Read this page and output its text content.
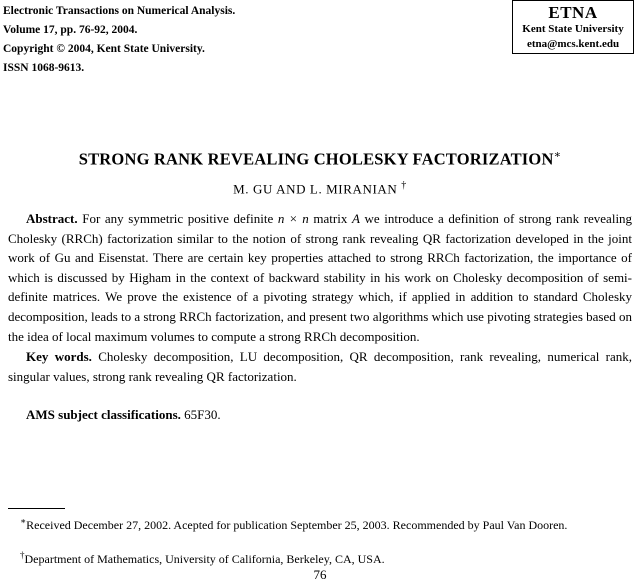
Electronic Transactions on Numerical Analysis.
Volume 17, pp. 76-92, 2004.
Copyright © 2004, Kent State University.
ISSN 1068-9613.
ETNA
Kent State University
etna@mcs.kent.edu
STRONG RANK REVEALING CHOLESKY FACTORIZATION∗
M. GU AND L. MIRANIAN †
Abstract. For any symmetric positive definite n × n matrix A we introduce a definition of strong rank revealing Cholesky (RRCh) factorization similar to the notion of strong rank revealing QR factorization developed in the joint work of Gu and Eisenstat. There are certain key properties attached to strong RRCh factorization, the importance of which is discussed by Higham in the context of backward stability in his work on Cholesky decomposition of semi-definite matrices. We prove the existence of a pivoting strategy which, if applied in addition to standard Cholesky decomposition, leads to a strong RRCh factorization, and present two algorithms which use pivoting strategies based on the idea of local maximum volumes to compute a strong RRCh decomposition.
Key words. Cholesky decomposition, LU decomposition, QR decomposition, rank revealing, numerical rank, singular values, strong rank revealing QR factorization.
AMS subject classifications. 65F30.
∗Received December 27, 2002. Acepted for publication September 25, 2003. Recommended by Paul Van Dooren.
†Department of Mathematics, University of California, Berkeley, CA, USA.
76
